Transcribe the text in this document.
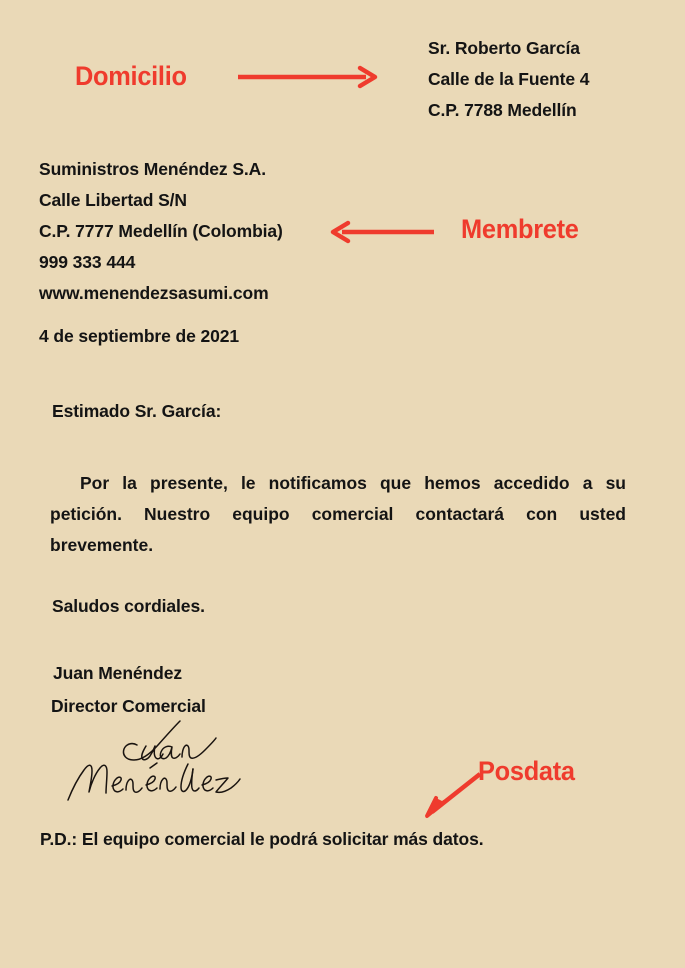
Sr. Roberto García
Calle de la Fuente 4
C.P. 7788 Medellín
Suministros Menéndez S.A.
Calle Libertad S/N
C.P. 7777 Medellín (Colombia)
999 333 444
www.menendezsasumi.com
4 de septiembre de 2021
Estimado Sr. García:
Por la presente, le notificamos que hemos accedido a su petición. Nuestro equipo comercial contactará con usted brevemente.
Saludos cordiales.
Juan Menéndez
Director Comercial
P.D.: El equipo comercial le podrá solicitar más datos.
Domicilio
Membrete
Posdata
